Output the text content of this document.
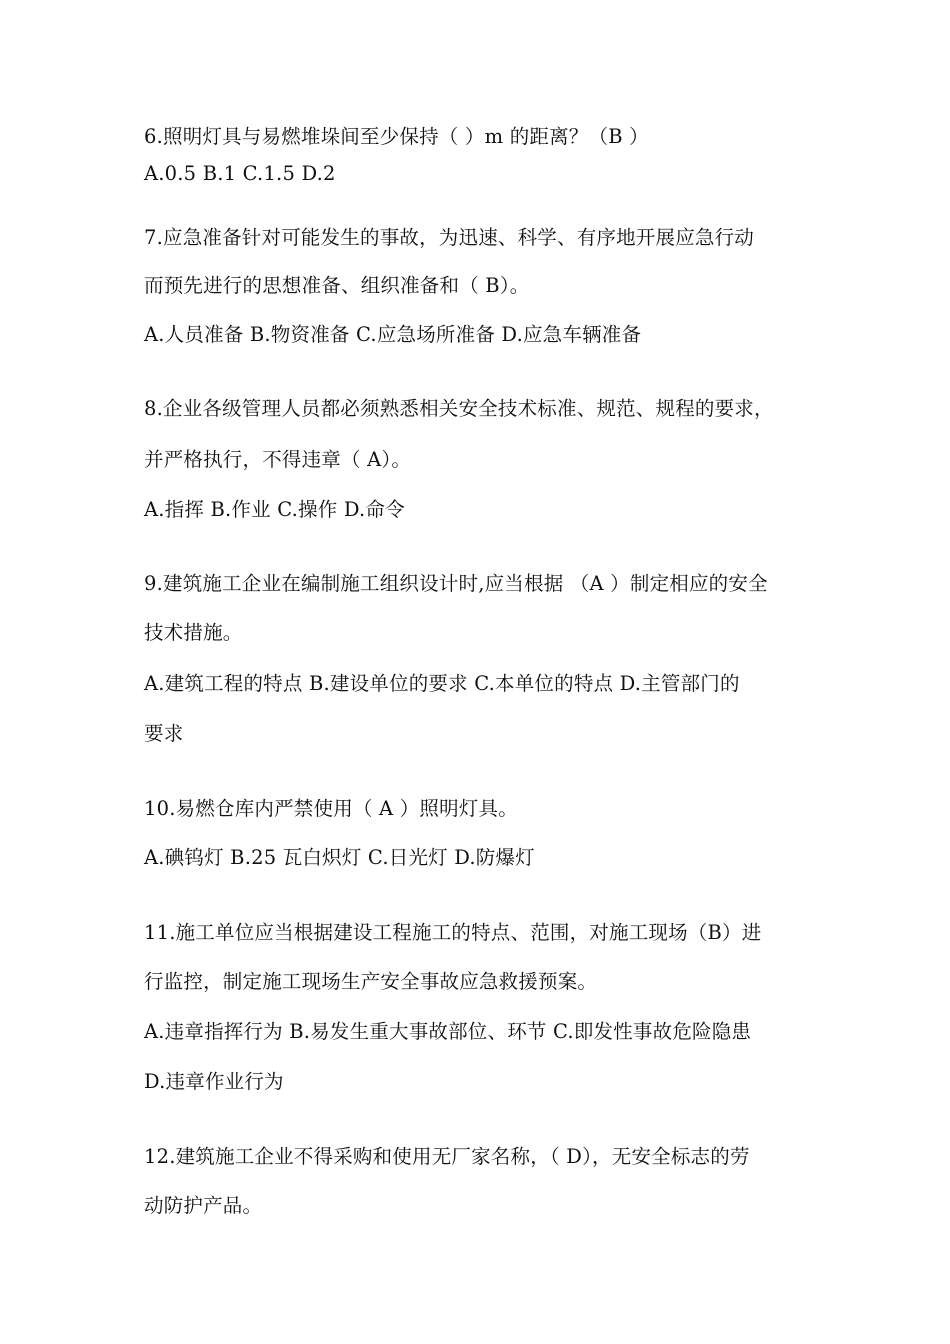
6.照明灯具与易燃堆垛间至少保持（ ）m 的距离？（B ）
A.0.5 B.1 C.1.5 D.2
7.应急准备针对可能发生的事故，为迅速、科学、有序地开展应急行动
而预先进行的思想准备、组织准备和（ B）。
A.人员准备 B.物资准备 C.应急场所准备 D.应急车辆准备
8.企业各级管理人员都必须熟悉相关安全技术标准、规范、规程的要求，
并严格执行，不得违章（ A）。
A.指挥 B.作业 C.操作 D.命令
9.建筑施工企业在编制施工组织设计时,应当根据 （A ）制定相应的安全
技术措施。
A.建筑工程的特点 B.建设单位的要求 C.本单位的特点 D.主管部门的
要求
10.易燃仓库内严禁使用（ A ）照明灯具。
A.碘钨灯 B.25 瓦白炽灯 C.日光灯 D.防爆灯
11.施工单位应当根据建设工程施工的特点、范围，对施工现场（B）进
行监控，制定施工现场生产安全事故应急救援预案。
A.违章指挥行为 B.易发生重大事故部位、环节 C.即发性事故危险隐患
D.违章作业行为
12.建筑施工企业不得采购和使用无厂家名称，（ D），无安全标志的劳
动防护产品。
